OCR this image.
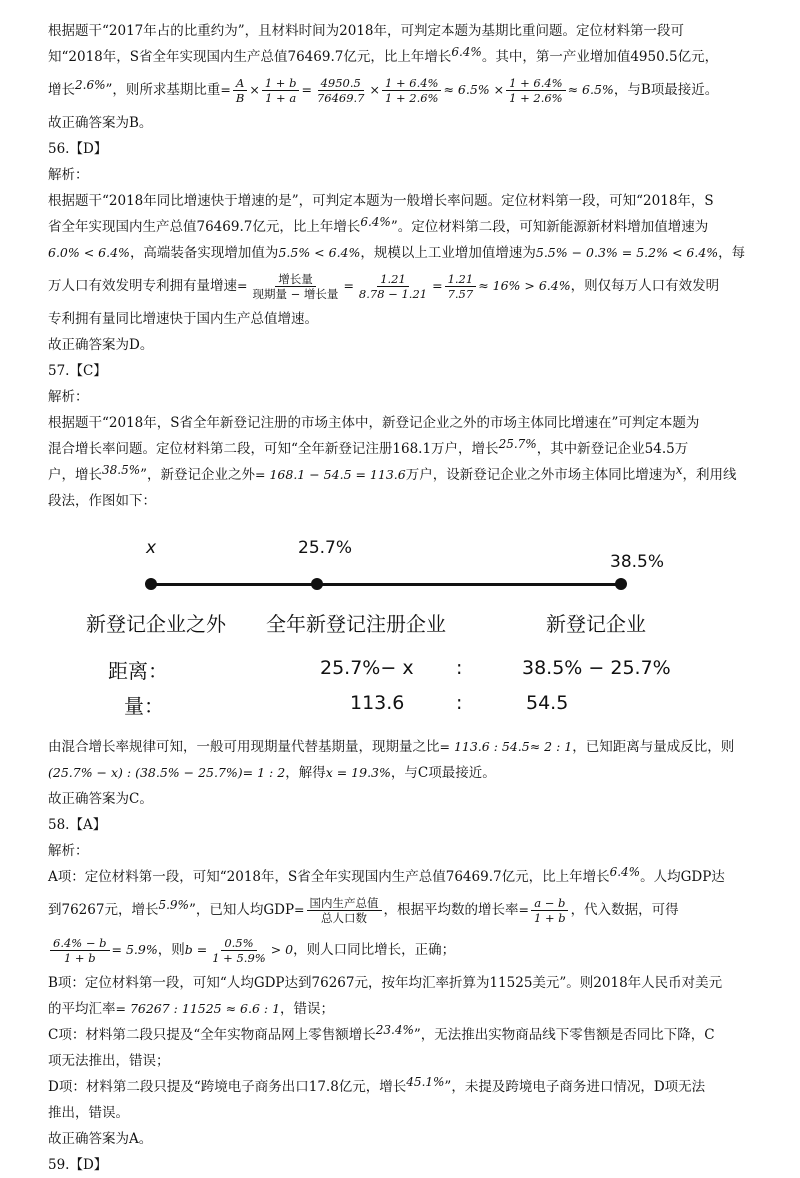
根据题干“2017年占的比重约为”，且材料时间为2018年，可判定本题为基期比重问题。定位材料第一段可
知“2018年，S省全年实现国内生产总值76469.7亿元，比上年增长6.4%。其中，第一产业增加值4950.5亿元，
增长 2.6% ”，则所求基期比重 = $\frac{A}{B} \times \frac{1 + b}{1 + a} = \frac{4950.5}{76469.7} \times \frac{1 + 6.4\%}{1 + 2.6\%} \approx 6.5\% \times \frac{1 + 6.4\%}{1 + 2.6\%} \approx 6.5\%$ ，与B项最接近。
故正确答案为B。
56.【D】
解析：
根据题干“2018年同比增速快于增速的是”，可判定本题为一般增长率问题。定位材料第一段，可知“2018年，S
省全年实现国内生产总值76469.7亿元，比上年增长6.4%”。定位材料第二段，可知新能源新材料增加值增速为
6.0% < 6.4%，高端装备实现增加值为5.5% < 6.4%，规模以上工业增加值增速为5.5% − 0.3% = 5.2% < 6.4%，每
万人口有效发明专利拥有量增速 = $\frac{\text{增长量}}{\text{现期量 − 增长量}} = \frac{1.21}{8.78 - 1.21} = \frac{1.21}{7.57} \approx 16\% > 6.4\%$ ，则仅每万人口有效发明
专利拥有量同比增速快于国内生产总值增速。
故正确答案为D。
57.【C】
解析：
根据题干“2018年，S省全年新登记注册的市场主体中，新登记企业之外的市场主体同比增速在”可判定本题为
混合增长率问题。定位材料第二段，可知“全年新登记注册168.1万户，增长25.7%，其中新登记企业54.5万
户，增长38.5%”，新登记企业之外= 168.1 − 54.5 = 113.6万户，设新登记企业之外市场主体同比增速为x，利用线
段法，作图如下：
x	25.7%
38.5%
新登记企业之外 全年新登记注册企业	新登记企业
距离：	25.7%− x :	38.5% − 25.7%
量：	113.6	:	54.5
由混合增长率规律可知，一般可用现期量代替基期量，现期量之比= 113.6 : 54.5≈ 2 : 1，已知距离与量成反比，则
(25.7% − x) : (38.5% − 25.7%)= 1 : 2，解得x = 19.3%，与C项最接近。
故正确答案为C。
58.【A】
解析：
A项：定位材料第一段，可知“2018年，S省全年实现国内生产总值76469.7亿元，比上年增长6.4%。人均GDP达
到76267元，增长 5.9% ”，已知人均GDP = $\frac{\text{国内生产总值}}{\text{总人口数}}$ ，根据平均数的增长率 = $\frac{a - b}{1 + b}$ ，代入数据，可得
$\frac{6.4\% - b}{1 + b} = 5.9\%$ ，则 $b = \frac{0.5\%}{1 + 5.9\%} > 0$ ，则人口同比增长，正确；
B项：定位材料第一段，可知“人均GDP达到76267元，按年均汇率折算为11525美元”。则2018年人民币对美元
的平均汇率= 76267 : 11525 ≈ 6.6 : 1，错误；
C项：材料第二段只提及“全年实物商品网上零售额增长23.4%”，无法推出实物商品线下零售额是否同比下降，C
项无法推出，错误；
D项：材料第二段只提及“跨境电子商务出口17.8亿元，增长45.1%”，未提及跨境电子商务进口情况，D项无法
推出，错误。
故正确答案为A。
59.【D】
